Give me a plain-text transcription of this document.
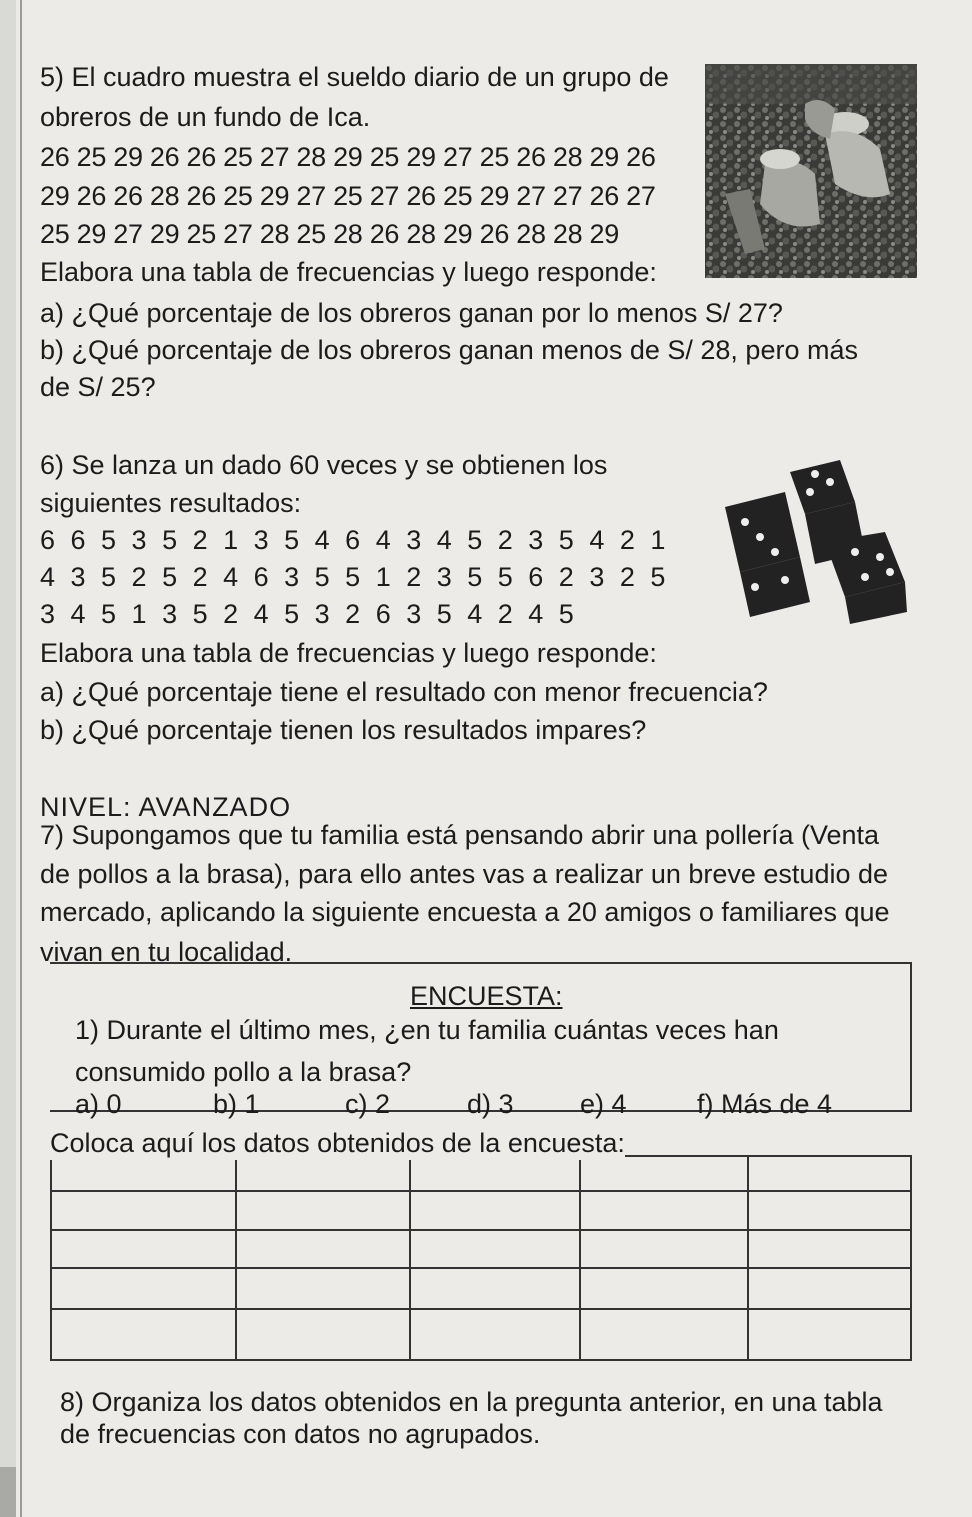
5) El cuadro muestra el sueldo diario de un grupo de
obreros de un fundo de Ica.
26 25 29 26 26 25 27 28 29 25 29 27 25 26 28 29 26
29 26 26 28 26 25 29 27 25 27 26 25 29 27 27 26 27
25 29 27 29 25 27 28 25 28 26 28 29 26 28 28 29
Elabora una tabla de frecuencias y luego responde:
a) ¿Qué porcentaje de los obreros ganan por lo menos S/ 27?
b) ¿Qué porcentaje de los obreros ganan menos de S/ 28, pero más
de S/ 25?
6) Se lanza un dado 60 veces y se obtienen los
siguientes resultados:
6 6 5 3 5 2 1 3 5 4 6 4 3 4 5 2 3 5 4 2 1
4 3 5 2 5 2 4 6 3 5 5 1 2 3 5 5 6 2 3 2 5
3 4 5 1 3 5 2 4 5 3 2 6 3 5 4 2 4 5
Elabora una tabla de frecuencias y luego responde:
a) ¿Qué porcentaje tiene el resultado con menor frecuencia?
b) ¿Qué porcentaje tienen los resultados impares?
NIVEL: AVANZADO
7) Supongamos que tu familia está pensando abrir una pollería (Venta
de pollos a la brasa), para ello antes vas a realizar un breve estudio de
mercado, aplicando la siguiente encuesta a 20 amigos o familiares que
vivan en tu localidad.
ENCUESTA:
1) Durante el último mes, ¿en tu familia cuántas veces han
consumido pollo a la brasa?
a) 0	b) 1	c) 2	d) 3 e) 4	f) Más de 4
Coloca aquí los datos obtenidos de la encuesta:
8) Organiza los datos obtenidos en la pregunta anterior, en una tabla
de frecuencias con datos no agrupados.
